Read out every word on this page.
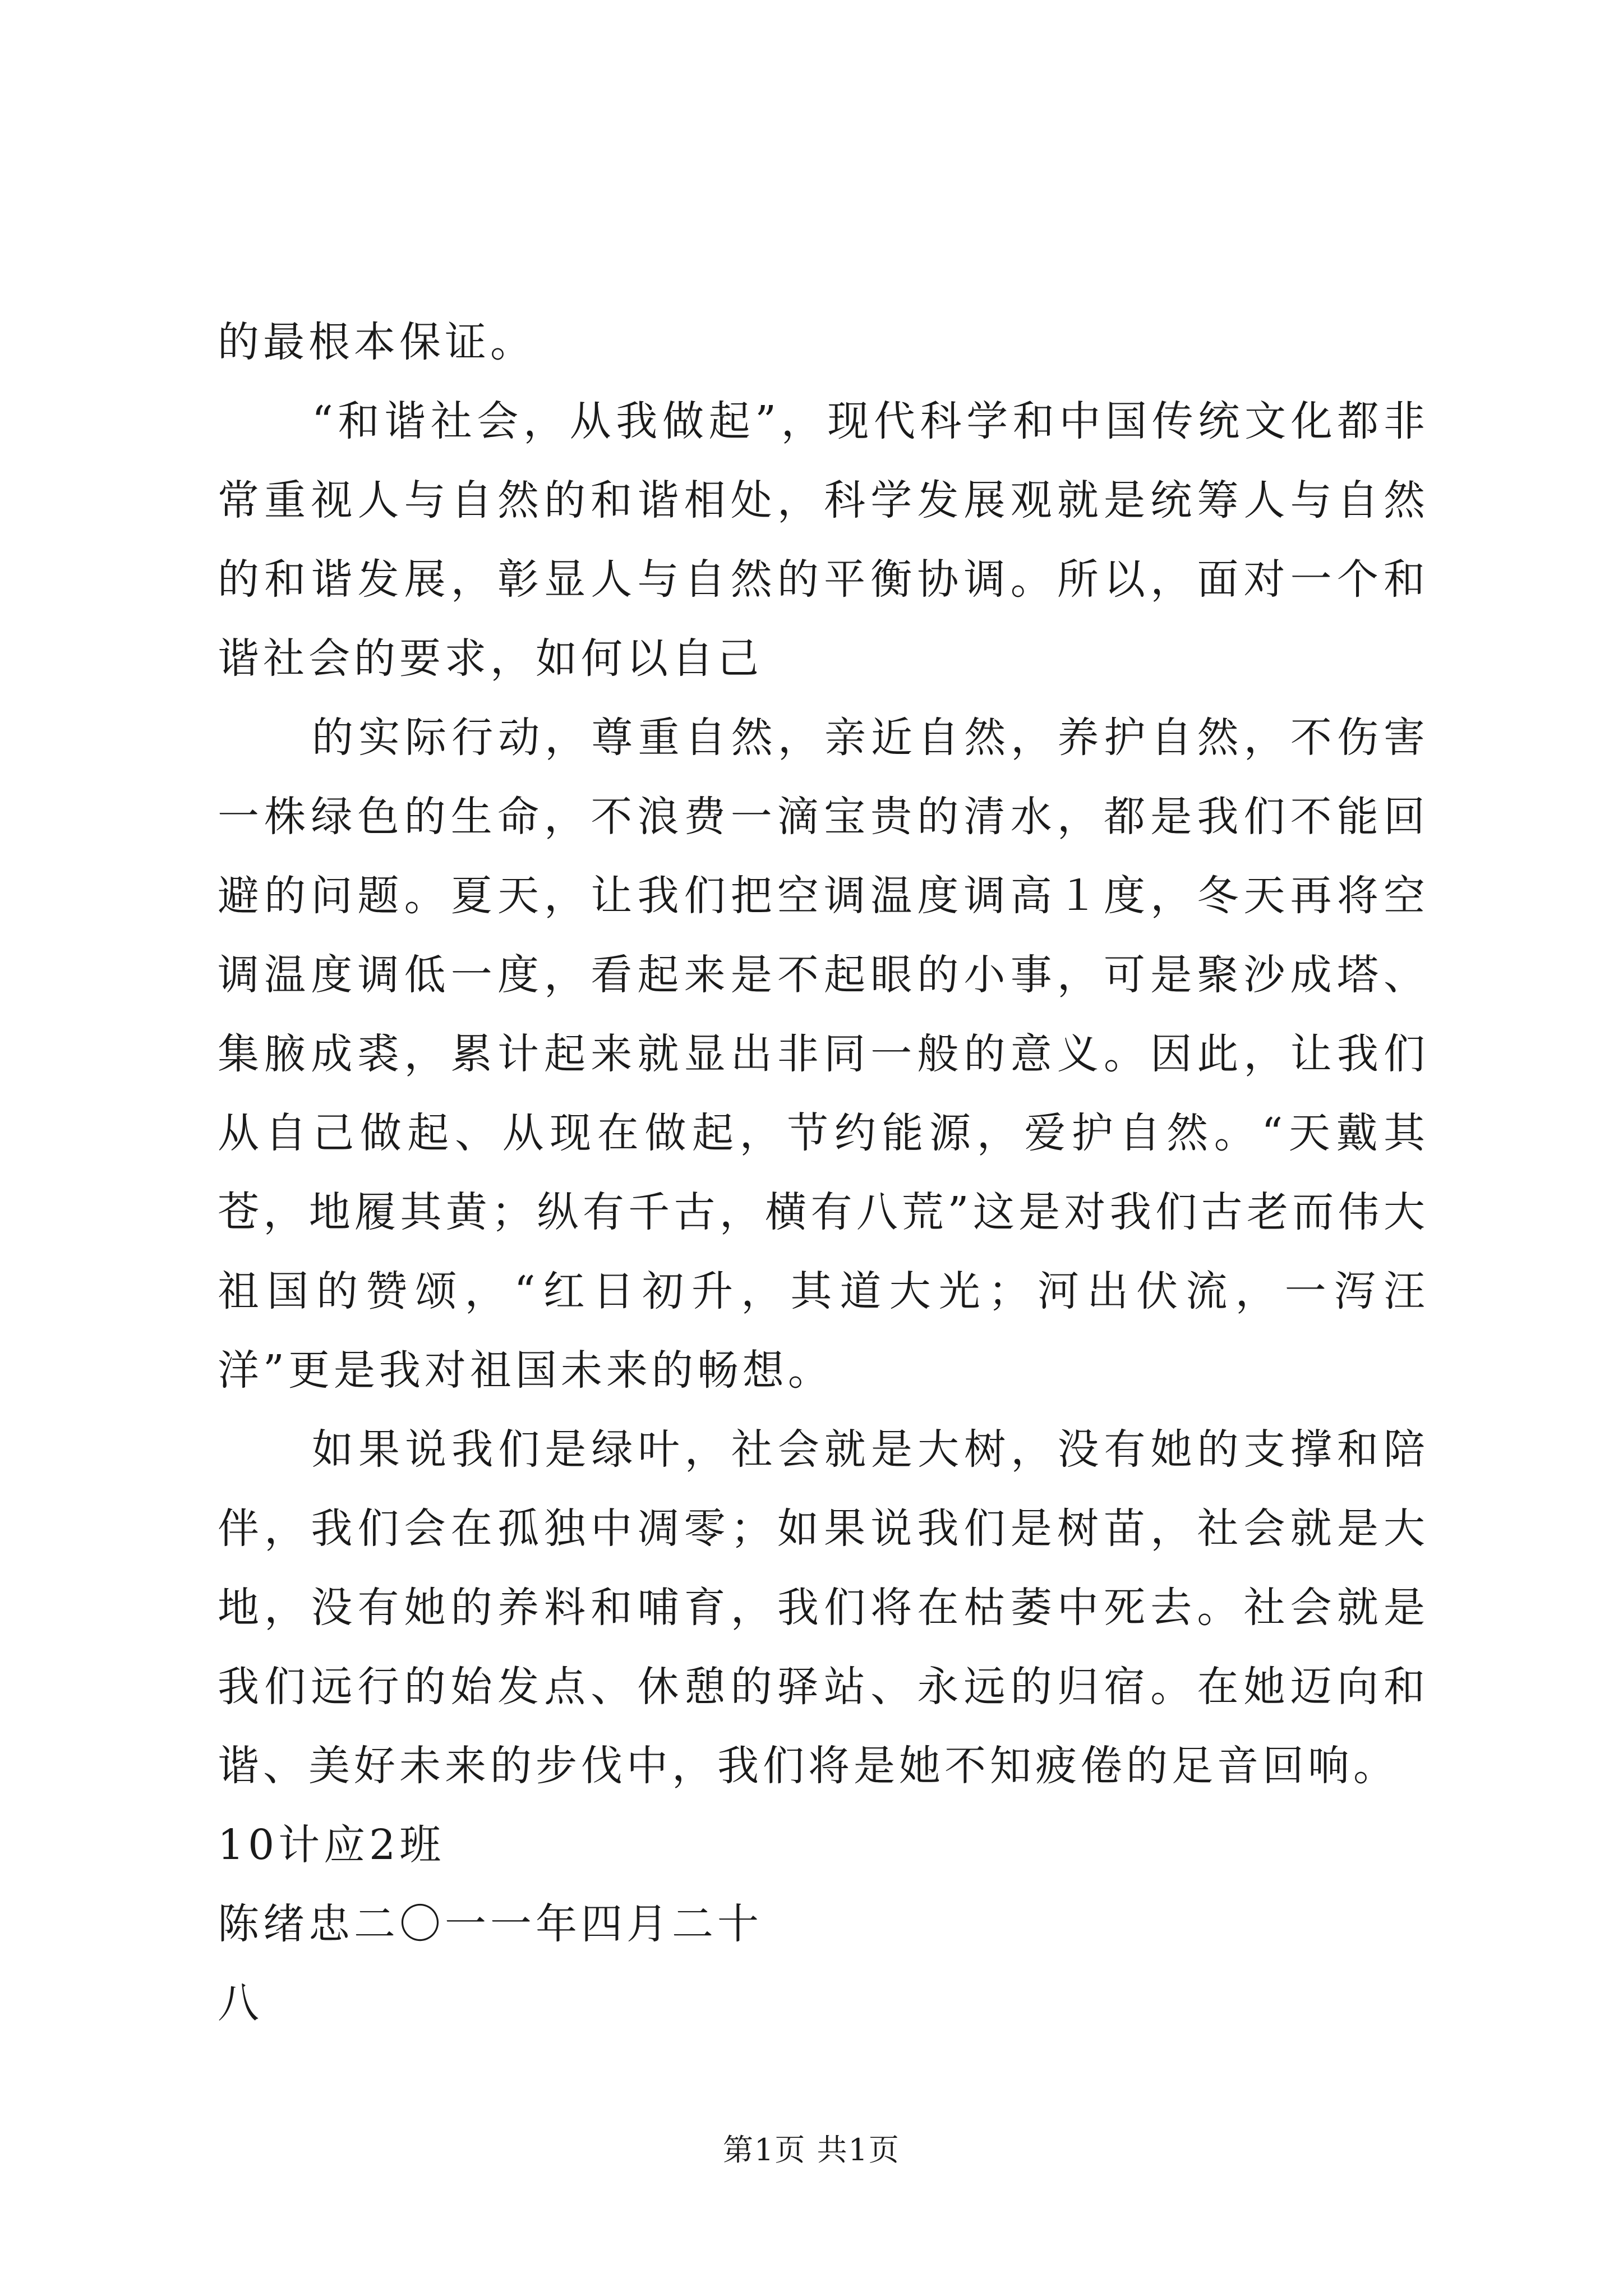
的最根本保证。

“和谐社会，从我做起”，现代科学和中国传统文化都非常重视人与自然的和谐相处，科学发展观就是统筹人与自然的和谐发展，彰显人与自然的平衡协调。所以，面对一个和谐社会的要求，如何以自己

的实际行动，尊重自然，亲近自然，养护自然，不伤害一株绿色的生命，不浪费一滴宝贵的清水，都是我们不能回避的问题。夏天，让我们把空调温度调高１度，冬天再将空调温度调低一度，看起来是不起眼的小事，可是聚沙成塔、集腋成裘，累计起来就显出非同一般的意义。因此，让我们从自己做起、从现在做起，节约能源，爱护自然。“天戴其苍，地履其黄；纵有千古，横有八荒”这是对我们古老而伟大祖国的赞颂，“红日初升，其道大光；河出伏流，一泻汪洋”更是我对祖国未来的畅想。

如果说我们是绿叶，社会就是大树，没有她的支撑和陪伴，我们会在孤独中凋零；如果说我们是树苗，社会就是大地，没有她的养料和哺育，我们将在枯萎中死去。社会就是我们远行的始发点、休憩的驿站、永远的归宿。在她迈向和谐、美好未来的步伐中，我们将是她不知疲倦的足音回响。

10计应2班

陈绪忠二〇一一年四月二十

八

第1页 共1页
